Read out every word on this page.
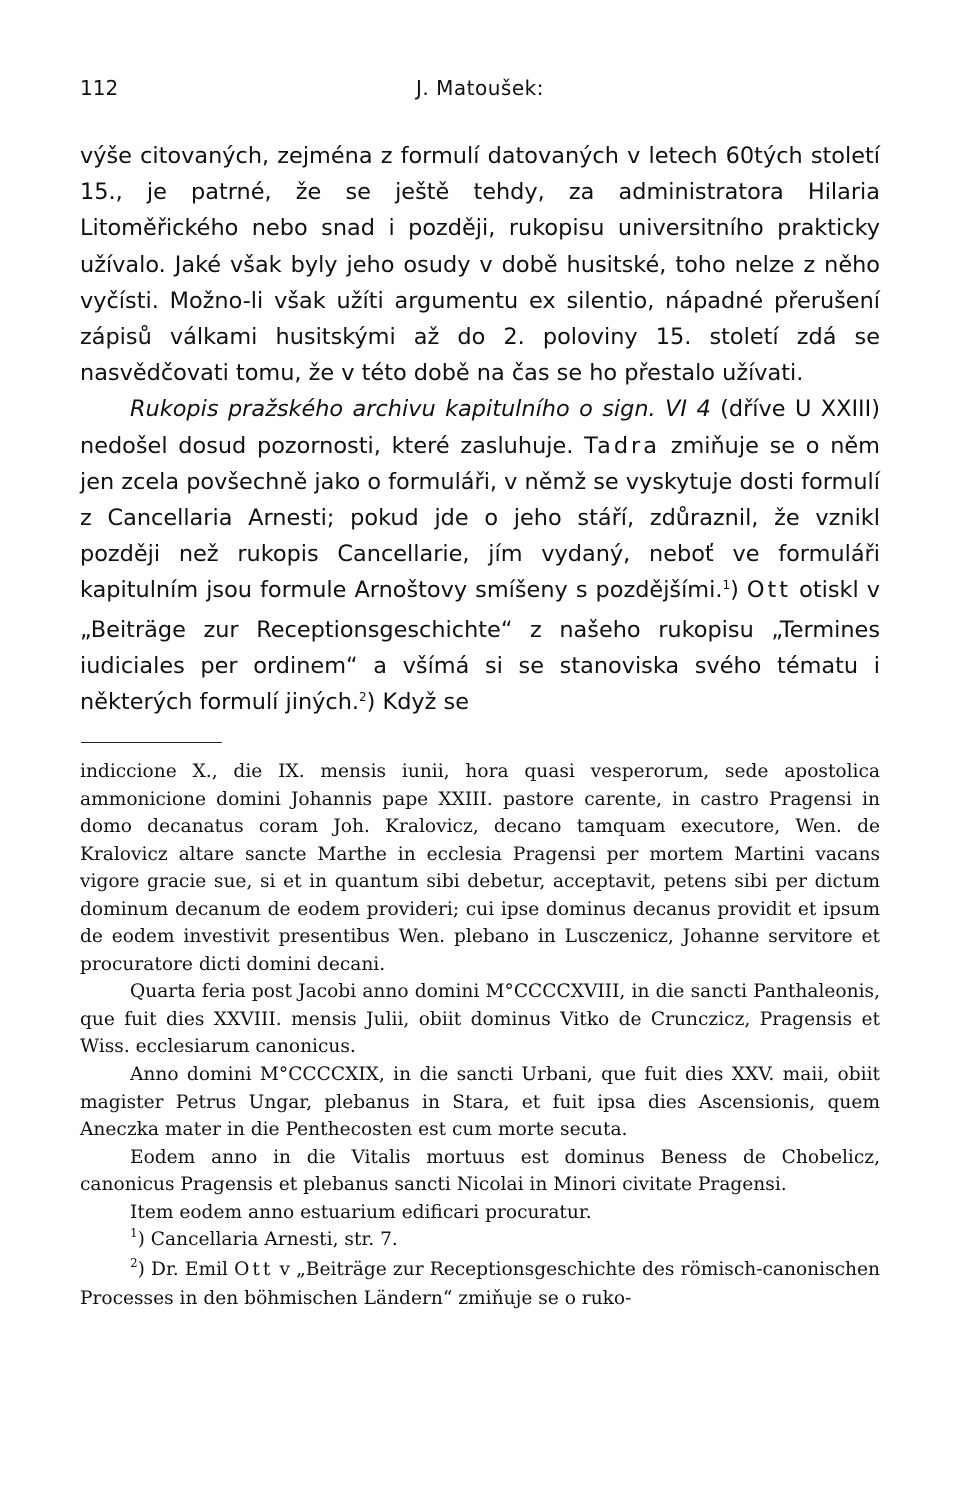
112	J. Matoušek:

výše citovaných, zejména z formulí datovaných v letech 60tých století 15., je patrné, že se ještě tehdy, za administratora Hilaria Litoměřického nebo snad i později, rukopisu universitního prakticky užívalo. Jaké však byly jeho osudy v době husitské, toho nelze z něho vyčísti. Možno-li však užíti argumentu ex silentio, nápadné přerušení zápisů válkami husitskými až do 2. poloviny 15. století zdá se nasvědčovati tomu, že v této době na čas se ho přestalo užívati.

Rukopis pražského archivu kapitulního o sign. VI 4 (dříve U XXIII) nedošel dosud pozornosti, které zasluhuje. Tadra zmiňuje se o něm jen zcela povšechně jako o formuláři, v němž se vyskytuje dosti formulí z Cancellaria Arnesti; pokud jde o jeho stáří, zdůraznil, že vznikl později než rukopis Cancellarie, jím vydaný, neboť ve formuláři kapitulním jsou formule Arnoštovy smíšeny s pozdějšími.$^1$) Ott otiskl v „Beiträge zur Receptionsgeschichte“ z našeho rukopisu „Termines iudiciales per ordinem“ a všímá si se stanoviska svého tématu i některých formulí jiných.$^2$) Když se

indiccione X., die IX. mensis iunii, hora quasi vesperorum, sede apostolica ammonicione domini Johannis pape XXIII. pastore carente, in castro Pragensi in domo decanatus coram Joh. Kralovicz, decano tamquam executore, Wen. de Kralovicz altare sancte Marthe in ecclesia Pragensi per mortem Martini vacans vigore gracie sue, si et in quantum sibi debetur, acceptavit, petens sibi per dictum dominum decanum de eodem provideri; cui ipse dominus decanus providit et ipsum de eodem investivit presentibus Wen. plebano in Lusczenicz, Johanne servitore et procuratore dicti domini decani.

Quarta feria post Jacobi anno domini M°CCCCXVIII, in die sancti Panthaleonis, que fuit dies XXVIII. mensis Julii, obiit dominus Vitko de Crunczicz, Pragensis et Wiss. ecclesiarum canonicus.

Anno domini M°CCCCXIX, in die sancti Urbani, que fuit dies XXV. maii, obiit magister Petrus Ungar, plebanus in Stara, et fuit ipsa dies Ascensionis, quem Aneczka mater in die Penthecosten est cum morte secuta.

Eodem anno in die Vitalis mortuus est dominus Beness de Chobelicz, canonicus Pragensis et plebanus sancti Nicolai in Minori civitate Pragensi.

Item eodem anno estuarium edificari procuratur.

$^1$) Cancellaria Arnesti, str. 7.

$^2$) Dr. Emil Ott v „Beiträge zur Receptionsgeschichte des römisch-canonischen Processes in den böhmischen Ländern“ zmiňuje se o ruko-
